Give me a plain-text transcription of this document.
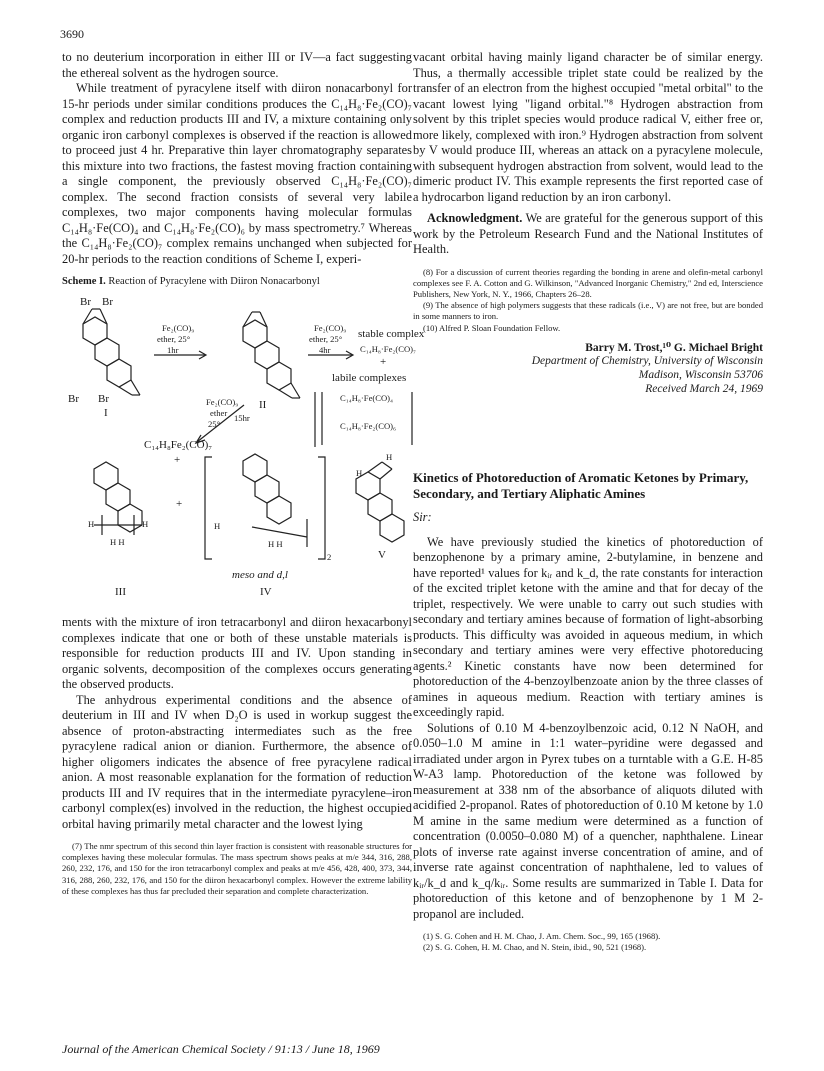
3690

to no deuterium incorporation in either III or IV—a fact suggesting the ethereal solvent as the hydrogen source.

While treatment of pyracylene itself with diiron nonacarbonyl for 15-hr periods under similar conditions produces the C₁₄H₈·Fe₂(CO)₇ complex and reduction products III and IV, a mixture containing only organic iron carbonyl complexes is observed if the reaction is allowed to proceed just 4 hr. Preparative thin layer chromatography separates this mixture into two fractions, the fastest moving fraction containing a single component, the previously observed C₁₄H₈·Fe₂(CO)₇ complex. The second fraction consists of several very labile complexes, two major components having molecular formulas C₁₄H₈·Fe(CO)₄ and C₁₄H₈·Fe₂(CO)₆ by mass spectrometry.⁷ Whereas the C₁₄H₈·Fe₂(CO)₇ complex remains unchanged when subjected for 20-hr periods to the reaction conditions of Scheme I, experi-

Scheme I. Reaction of Pyracylene with Diiron Nonacarbonyl
Br Br
Br Br
I
Fe₂(CO)₉
ether, 25°
1hr
Fe₂(CO)₉
ether, 25°
4hr
stable complex
C₁₄H₈·Fe₂(CO)₇
+
labile complexes
C₁₄H₈·Fe(CO)₄
C₁₄H₈·Fe₂(CO)₆
II
Fe₂(CO)₉
ether
25°
15hr
C₁₄H₈Fe₂(CO)₇
+
+
H	H
H H
III
H
H H
2
meso and d,l
IV
H
H
V

ments with the mixture of iron tetracarbonyl and diiron hexacarbonyl complexes indicate that one or both of these unstable materials is responsible for reduction products III and IV. Upon standing in organic solvents, decomposition of the complexes occurs generating the observed products.

The anhydrous experimental conditions and the absence of deuterium in III and IV when D₂O is used in workup suggest the absence of proton-abstracting intermediates such as the free pyracylene radical anion or dianion. Furthermore, the absence of higher oligomers indicates the absence of free pyracylene radical anion. A most reasonable explanation for the formation of reduction products III and IV requires that in the intermediate pyracylene–iron carbonyl complex(es) involved in the reduction, the highest occupied orbital having primarily metal character and the lowest lying

(7) The nmr spectrum of this second thin layer fraction is consistent with reasonable structures for complexes having these molecular formulas. The mass spectrum shows peaks at m/e 344, 316, 288, 260, 232, 176, and 150 for the iron tetracarbonyl complex and peaks at m/e 456, 428, 400, 373, 344, 316, 288, 260, 232, 176, and 150 for the diiron hexacarbonyl complex. However the extreme lability of these complexes has thus far precluded their separation and complete characterization.

vacant orbital having mainly ligand character be of similar energy. Thus, a thermally accessible triplet state could be realized by the transfer of an electron from the highest occupied "metal orbital" to the vacant lowest lying "ligand orbital."⁸ Hydrogen abstraction from solvent by this triplet species would produce radical V, either free or, more likely, complexed with iron.⁹ Hydrogen abstraction from solvent by V would produce III, whereas an attack on a pyracylene molecule, with subsequent hydrogen abstraction from solvent, would lead to the dimeric product IV. This example represents the first reported case of a hydrocarbon ligand reduction by an iron carbonyl.

Acknowledgment. We are grateful for the generous support of this work by the Petroleum Research Fund and the National Institutes of Health.

(8) For a discussion of current theories regarding the bonding in arene and olefin-metal carbonyl complexes see F. A. Cotton and G. Wilkinson, "Advanced Inorganic Chemistry," 2nd ed, Interscience Publishers, New York, N. Y., 1966, Chapters 26–28.

(9) The absence of high polymers suggests that these radicals (i.e., V) are not free, but are bonded in some manners to iron.

(10) Alfred P. Sloan Foundation Fellow.

Barry M. Trost,¹⁰ G. Michael Bright
Department of Chemistry, University of Wisconsin
Madison, Wisconsin 53706
Received March 24, 1969
Kinetics of Photoreduction of Aromatic Ketones by Primary, Secondary, and Tertiary Aliphatic Amines
Sir:

We have previously studied the kinetics of photoreduction of benzophenone by a primary amine, 2-butylamine, in benzene and have reported¹ values for kᵢᵣ and k_d, the rate constants for interaction of the excited triplet ketone with the amine and that for decay of the triplet, respectively. We were unable to carry out such studies with secondary and tertiary amines because of formation of light-absorbing products. This difficulty was avoided in aqueous medium, in which secondary and tertiary amines were very effective photoreducing agents.² Kinetic constants have now been determined for photoreduction of the 4-benzoylbenzoate anion by the three classes of amines in aqueous medium. Reaction with tertiary amines is exceedingly rapid.

Solutions of 0.10 M 4-benzoylbenzoic acid, 0.12 N NaOH, and 0.050–1.0 M amine in 1:1 water–pyridine were degassed and irradiated under argon in Pyrex tubes on a turntable with a G.E. H-85 W-A3 lamp. Photoreduction of the ketone was followed by measurement at 338 nm of the absorbance of aliquots diluted with acidified 2-propanol. Rates of photoreduction of 0.10 M ketone by 1.0 M amine in the same medium were determined as a function of concentration (0.0050–0.080 M) of a quencher, naphthalene. Linear plots of inverse rate against inverse concentration of amine, and of inverse rate against concentration of naphthalene, led to values of kᵢᵣ/k_d and k_q/kᵢᵣ. Some results are summarized in Table I. Data for photoreduction of this ketone and of benzophenone by 1 M 2-propanol are included.

(1) S. G. Cohen and H. M. Chao, J. Am. Chem. Soc., 99, 165 (1968).

(2) S. G. Cohen, H. M. Chao, and N. Stein, ibid., 90, 521 (1968).

Journal of the American Chemical Society / 91:13 / June 18, 1969
